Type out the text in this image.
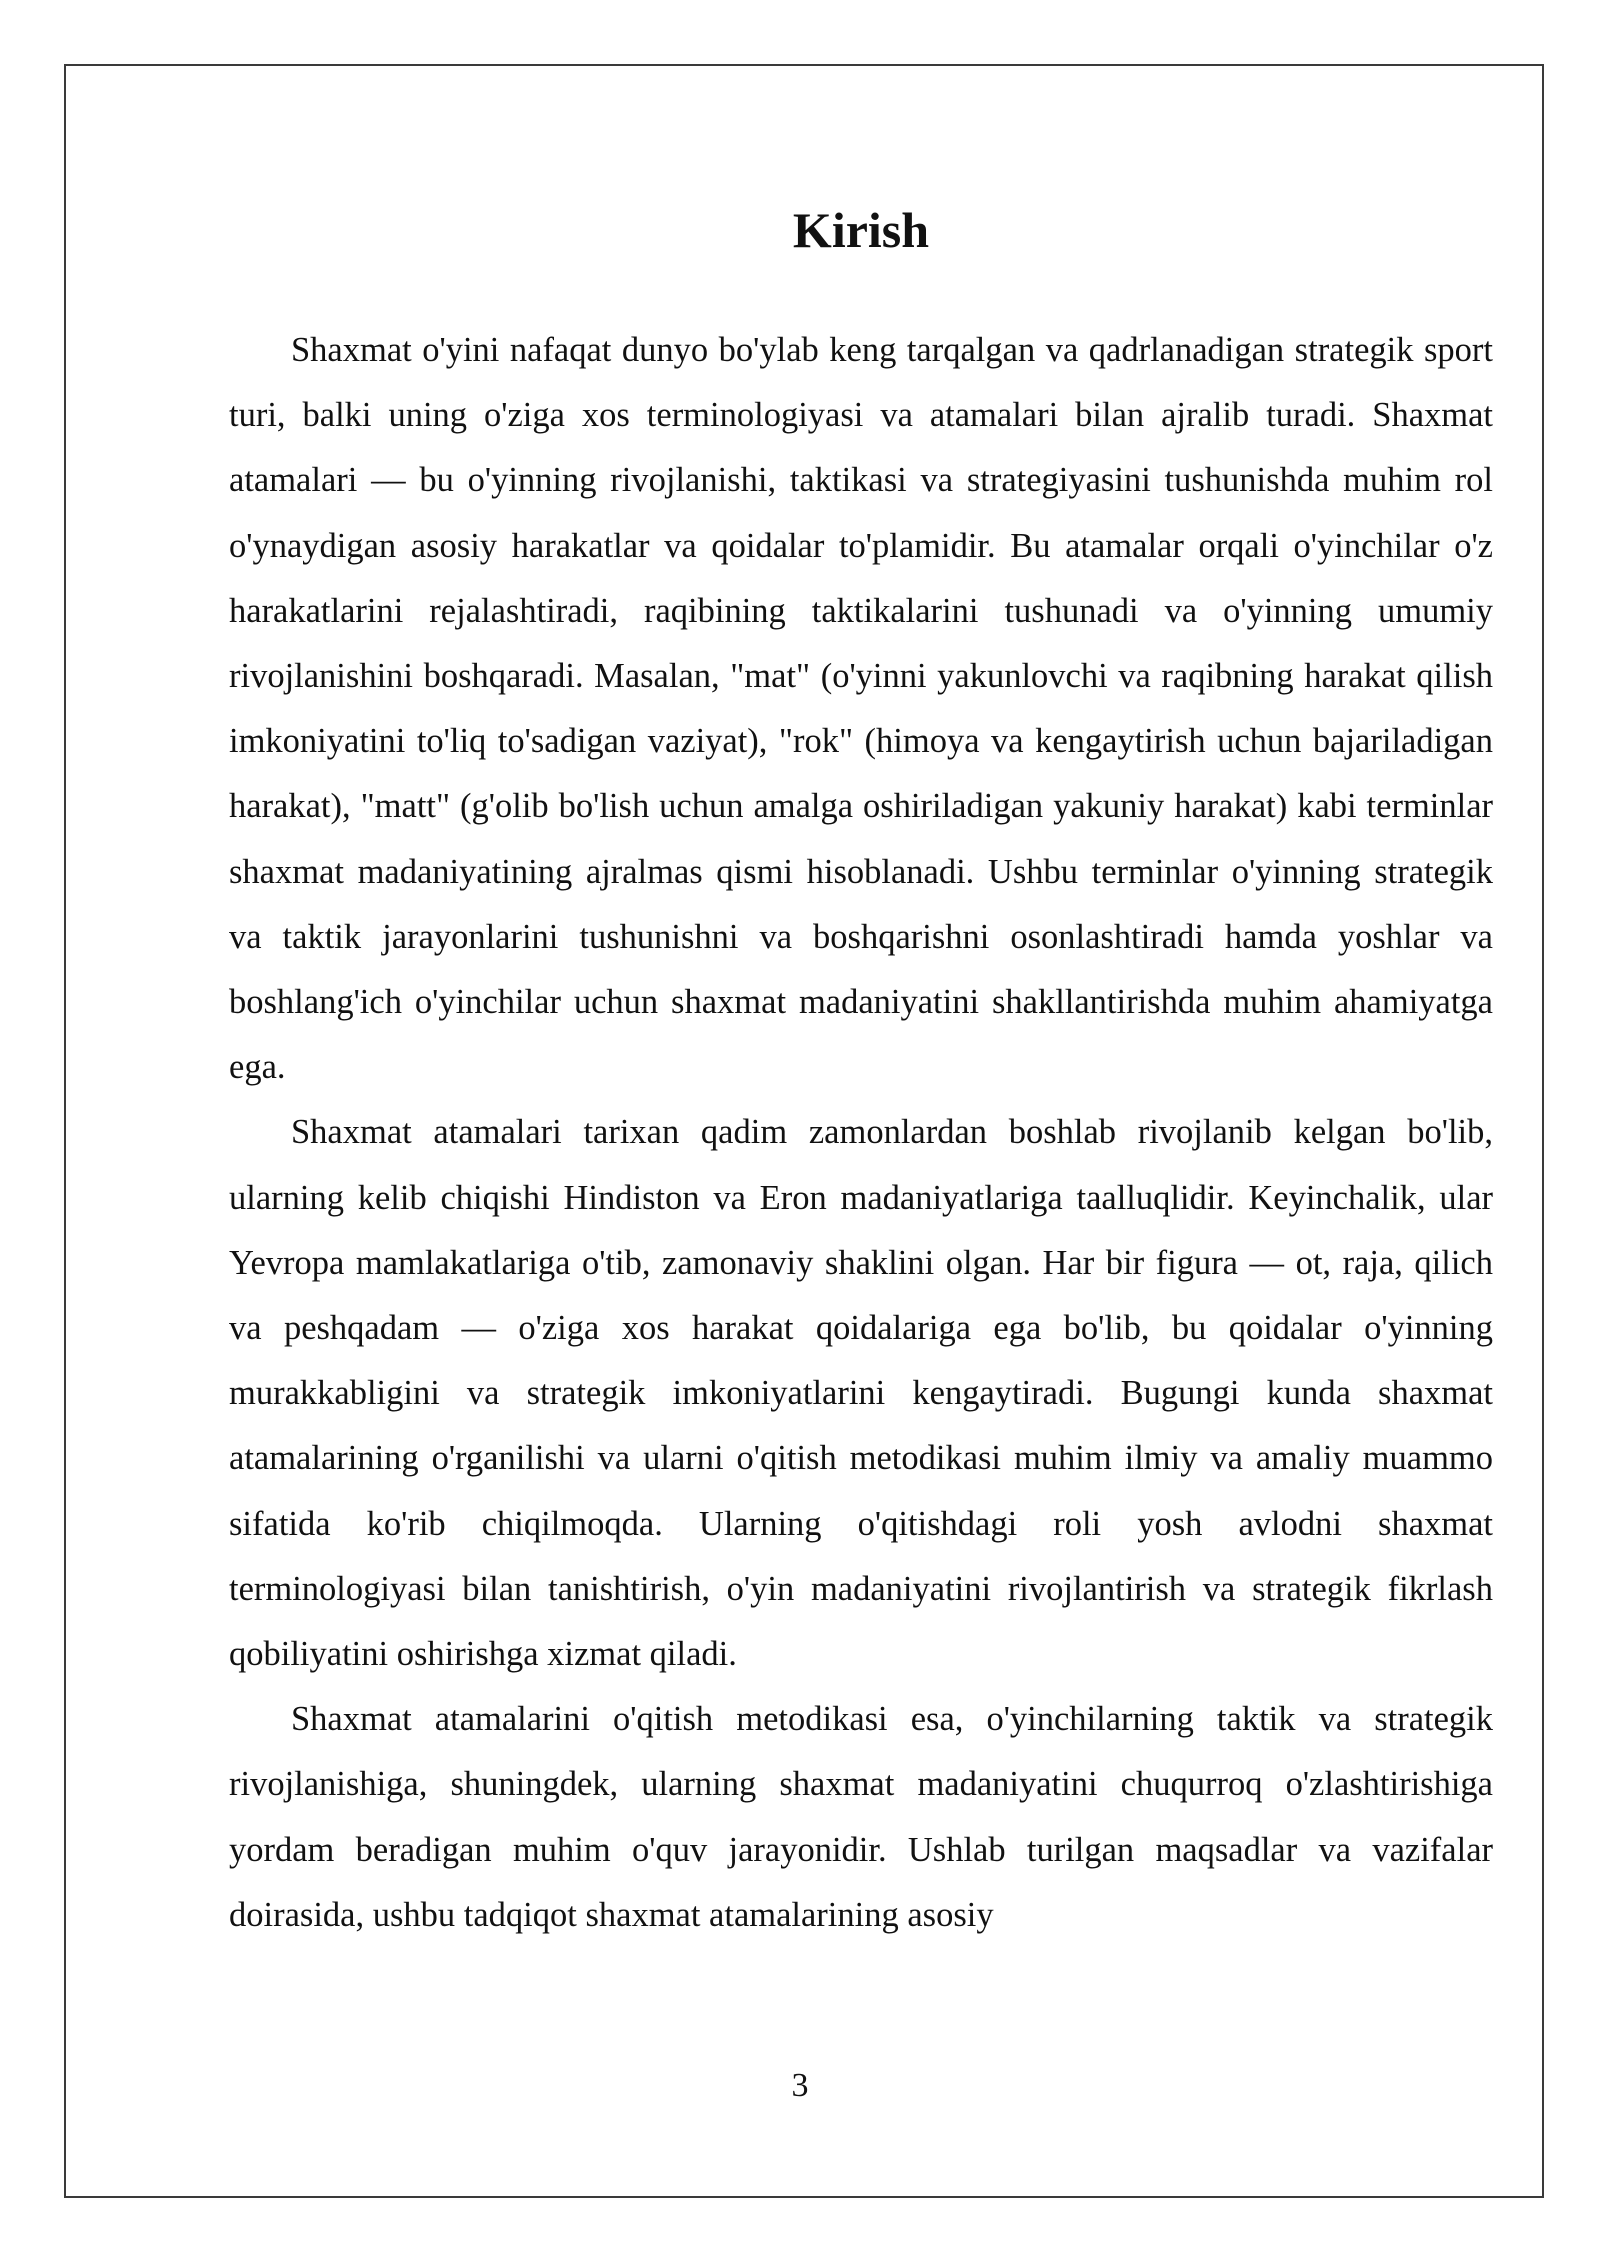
Kirish

Shaxmat o'yini nafaqat dunyo bo'ylab keng tarqalgan va qadrlanadigan strategik sport turi, balki uning o'ziga xos terminologiyasi va atamalari bilan ajralib turadi. Shaxmat atamalari — bu o'yinning rivojlanishi, taktikasi va strategiyasini tushunishda muhim rol o'ynaydigan asosiy harakatlar va qoidalar to'plamidir. Bu atamalar orqali o'yinchilar o'z harakatlarini rejalashtiradi, raqibining taktikalarini tushunadi va o'yinning umumiy rivojlanishini boshqaradi. Masalan, "mat" (o'yinni yakunlovchi va raqibning harakat qilish imkoniyatini to'liq to'sadigan vaziyat), "rok" (himoya va kengaytirish uchun bajariladigan harakat), "matt" (g'olib bo'lish uchun amalga oshiriladigan yakuniy harakat) kabi terminlar shaxmat madaniyatining ajralmas qismi hisoblanadi. Ushbu terminlar o'yinning strategik va taktik jarayonlarini tushunishni va boshqarishni osonlashtiradi hamda yoshlar va boshlang'ich o'yinchilar uchun shaxmat madaniyatini shakllantirishda muhim ahamiyatga ega.

Shaxmat atamalari tarixan qadim zamonlardan boshlab rivojlanib kelgan bo'lib, ularning kelib chiqishi Hindiston va Eron madaniyatlariga taalluqlidir. Keyinchalik, ular Yevropa mamlakatlariga o'tib, zamonaviy shaklini olgan. Har bir figura — ot, raja, qilich va peshqadam — o'ziga xos harakat qoidalariga ega bo'lib, bu qoidalar o'yinning murakkabligini va strategik imkoniyatlarini kengaytiradi. Bugungi kunda shaxmat atamalarining o'rganilishi va ularni o'qitish metodikasi muhim ilmiy va amaliy muammo sifatida ko'rib chiqilmoqda. Ularning o'qitishdagi roli yosh avlodni shaxmat terminologiyasi bilan tanishtirish, o'yin madaniyatini rivojlantirish va strategik fikrlash qobiliyatini oshirishga xizmat qiladi.

Shaxmat atamalarini o'qitish metodikasi esa, o'yinchilarning taktik va strategik rivojlanishiga, shuningdek, ularning shaxmat madaniyatini chuqurroq o'zlashtirishiga yordam beradigan muhim o'quv jarayonidir. Ushlab turilgan maqsadlar va vazifalar doirasida, ushbu tadqiqot shaxmat atamalarining asosiy

3
